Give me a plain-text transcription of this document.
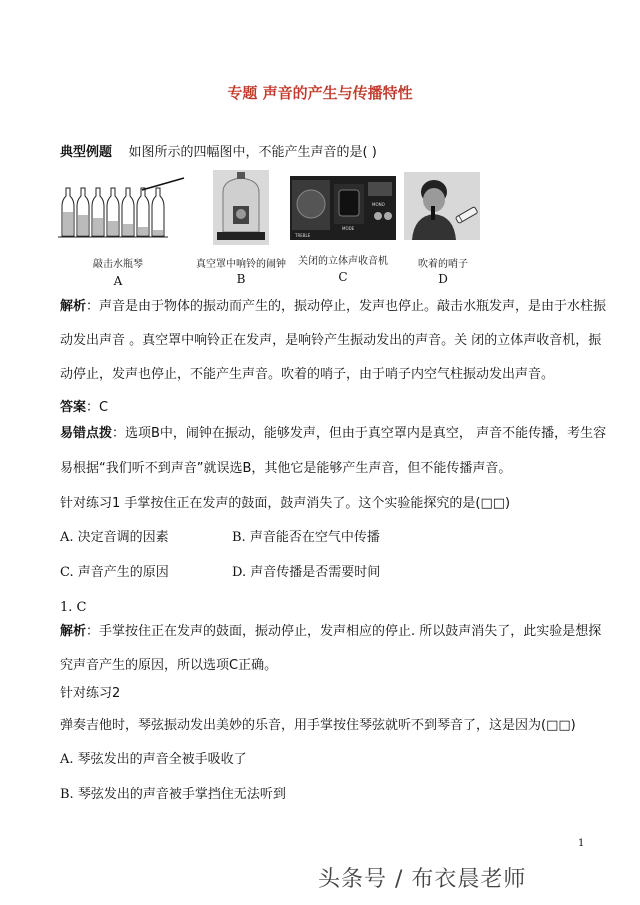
专题 声音的产生与传播特性
典型例题 如图所示的四幅图中，不能产生声音的是( )
敲击水瓶琴
A
真空罩中响铃的闹钟
B
TREBLE
MODE
MONO
关闭的立体声收音机
C
吹着的哨子
D
解析：声音是由于物体的振动而产生的，振动停止，发声也停止。敲击水瓶发声，是由于水柱振
动发出声音 。真空罩中响铃正在发声，是响铃产生振动发出的声音。关 闭的立体声收音机，振
动停止，发声也停止，不能产生声音。吹着的哨子，由于哨子内空气柱振动发出声音。
答案：C
易错点拨：选项B中，闹钟在振动，能够发声，但由于真空罩内是真空， 声音不能传播，考生容
易根据“我们听不到声音”就误选B，其他它是能够产生声音，但不能传播声音。
针对练习1 手掌按住正在发声的鼓面，鼓声消失了。这个实验能探究的是(□□)
A. 决定音调的因素	B. 声音能否在空气中传播
C. 声音产生的原因	D. 声音传播是否需要时间
1. C
解析：手掌按住正在发声的鼓面，振动停止，发声相应的停止. 所以鼓声消失了，此实验是想探
究声音产生的原因，所以选项C正确。
针对练习2
弹奏吉他时，琴弦振动发出美妙的乐音，用手掌按住琴弦就听不到琴音了，这是因为(□□)
A. 琴弦发出的声音全被手吸收了
B. 琴弦发出的声音被手掌挡住无法听到
1
头条号 / 布衣晨老师
